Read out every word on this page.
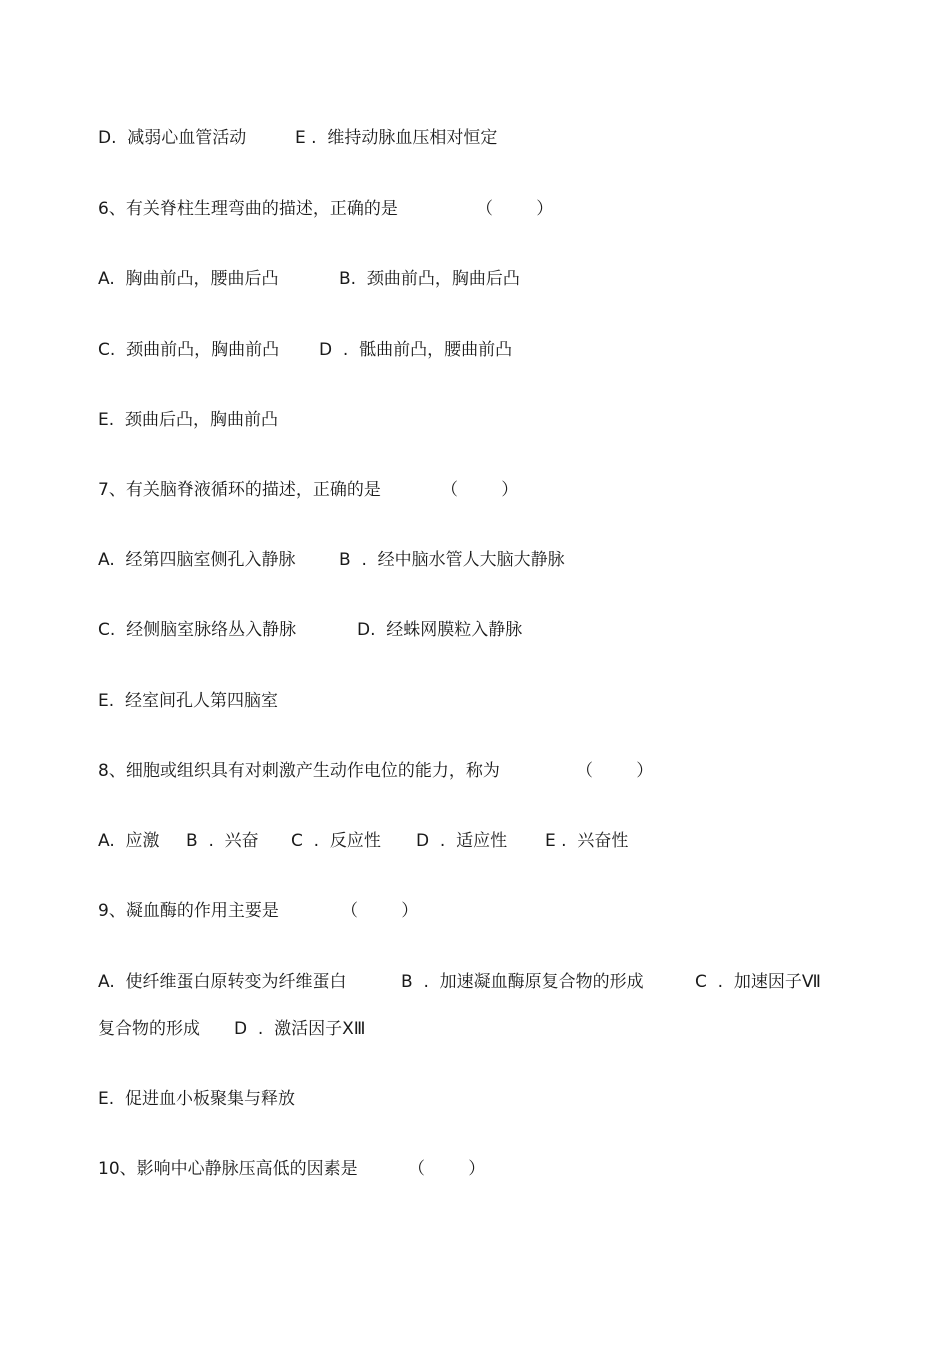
D.  减弱心血管活动

	E .  维持动脉血压相对恒定

6、有关脊柱生理弯曲的描述，正确的是

	（        ）

A.  胸曲前凸，腰曲后凸

	B.  颈曲前凸，胸曲后凸

C.  颈曲前凸，胸曲前凸

D  .  骶曲前凸，腰曲前凸

E.  颈曲后凸，胸曲前凸

7、有关脑脊液循环的描述，正确的是

	（        ）

A.  经第四脑室侧孔入静脉

	B  .  经中脑水管人大脑大静脉

C.  经侧脑室脉络丛入静脉

	D.  经蛛网膜粒入静脉

E.  经室间孔人第四脑室

8、细胞或组织具有对刺激产生动作电位的能力，称为

	（        ）

A.  应激

B  .  兴奋

C  .  反应性

D  .  适应性

E .  兴奋性

9、凝血酶的作用主要是

	（        ）

A.  使纤维蛋白原转变为纤维蛋白

	B  .  加速凝血酶原复合物的形成

	C  .  加速因子Ⅶ

复合物的形成

D  .  激活因子ⅩⅢ

E.  促进血小板聚集与释放

10、影响中心静脉压高低的因素是

	（        ）
